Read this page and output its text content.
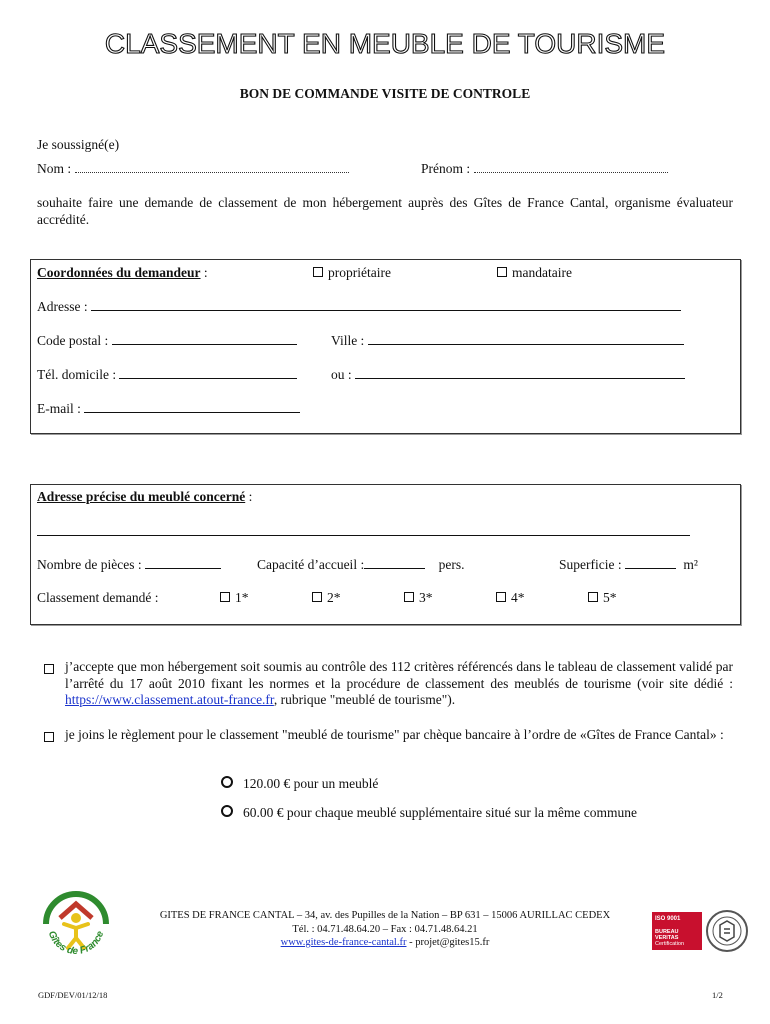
CLASSEMENT EN MEUBLE DE TOURISME
BON DE COMMANDE VISITE DE CONTROLE
Je soussigné(e)
Nom :	Prénom :
souhaite faire une demande de classement de mon hébergement auprès des Gîtes de France Cantal, organisme évaluateur accrédité.
Coordonnées du demandeur :	propriétaire	mandataire
Adresse :
Code postal :	Ville :
Tél. domicile :	ou :
E-mail :
Adresse précise du meublé concerné :
Nombre de pièces :	Capacité d’accueil :	pers.	Superficie :	m²
Classement demandé :	1*	2*	3*	4*	5*
j’accepte que mon hébergement soit soumis au contrôle des 112 critères référencés dans le tableau de classement validé par l’arrêté du 17 août 2010 fixant les normes et la procédure de classement des meublés de tourisme (voir site dédié : https://www.classement.atout-france.fr, rubrique "meublé de tourisme").
je joins le règlement pour le classement "meublé de tourisme" par chèque bancaire à l’ordre de «Gîtes de France Cantal» :
120.00 € pour un meublé
60.00 € pour chaque meublé supplémentaire situé sur la même commune
Gîtes de France
GITES DE FRANCE CANTAL – 34, av. des Pupilles de la Nation – BP 631 – 15006 AURILLAC CEDEX
Tél. : 04.71.48.64.20 – Fax : 04.71.48.64.21
www.gites-de-france-cantal.fr - projet@gites15.fr
ISO 9001
BUREAU VERITAS
Certification
GDF/DEV/01/12/18	1/2
